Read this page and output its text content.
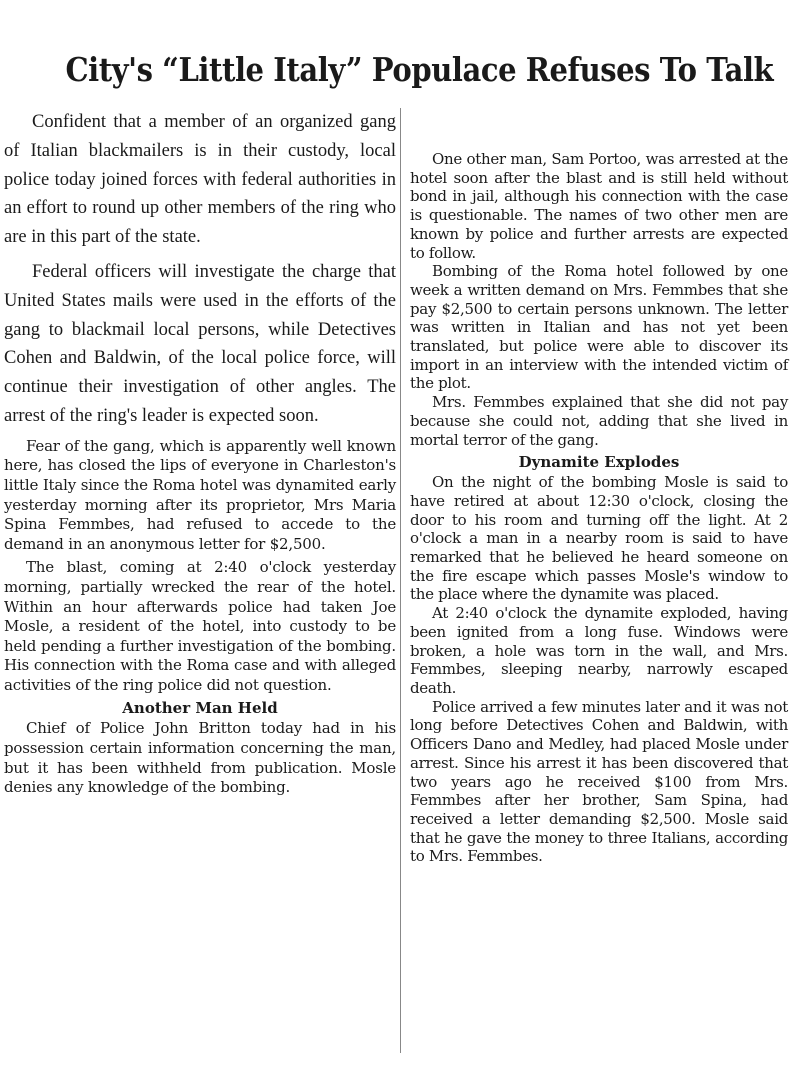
City's “Little Italy” Populace Refuses To Talk

Confident that a member of an organized gang of Italian blackmailers is in their custody, local police today joined forces with federal authorities in an effort to round up other members of the ring who are in this part of the state.

Federal officers will investigate the charge that United States mails were used in the efforts of the gang to blackmail local persons, while Detectives Cohen and Baldwin, of the local police force, will continue their investigation of other angles. The arrest of the ring's leader is expected soon.

Fear of the gang, which is apparently well known here, has closed the lips of everyone in Charleston's little Italy since the Roma hotel was dynamited early yesterday morning after its proprietor, Mrs Maria Spina Femmbes, had refused to accede to the demand in an anonymous letter for $2,500.

The blast, coming at 2:40 o'clock yesterday morning, partially wrecked the rear of the hotel. Within an hour afterwards police had taken Joe Mosle, a resident of the hotel, into custody to be held pending a further investigation of the bombing. His connection with the Roma case and with alleged activities of the ring police did not question.

Another Man Held

Chief of Police John Britton today had in his possession certain information concerning the man, but it has been withheld from publication. Mosle denies any knowledge of the bombing.

One other man, Sam Portoo, was arrested at the hotel soon after the blast and is still held without bond in jail, although his connection with the case is questionable. The names of two other men are known by police and further arrests are expected to follow.

Bombing of the Roma hotel followed by one week a written demand on Mrs. Femmbes that she pay $2,500 to certain persons unknown. The letter was written in Italian and has not yet been translated, but police were able to discover its import in an interview with the intended victim of the plot.

Mrs. Femmbes explained that she did not pay because she could not, adding that she lived in mortal terror of the gang.

Dynamite Explodes

On the night of the bombing Mosle is said to have retired at about 12:30 o'clock, closing the door to his room and turning off the light. At 2 o'clock a man in a nearby room is said to have remarked that he believed he heard someone on the fire escape which passes Mosle's window to the place where the dynamite was placed.

At 2:40 o'clock the dynamite exploded, having been ignited from a long fuse. Windows were broken, a hole was torn in the wall, and Mrs. Femmbes, sleeping nearby, narrowly escaped death.

Police arrived a few minutes later and it was not long before Detectives Cohen and Baldwin, with Officers Dano and Medley, had placed Mosle under arrest. Since his arrest it has been discovered that two years ago he received $100 from Mrs. Femmbes after her brother, Sam Spina, had received a letter demanding $2,500. Mosle said that he gave the money to three Italians, according to Mrs. Femmbes.
